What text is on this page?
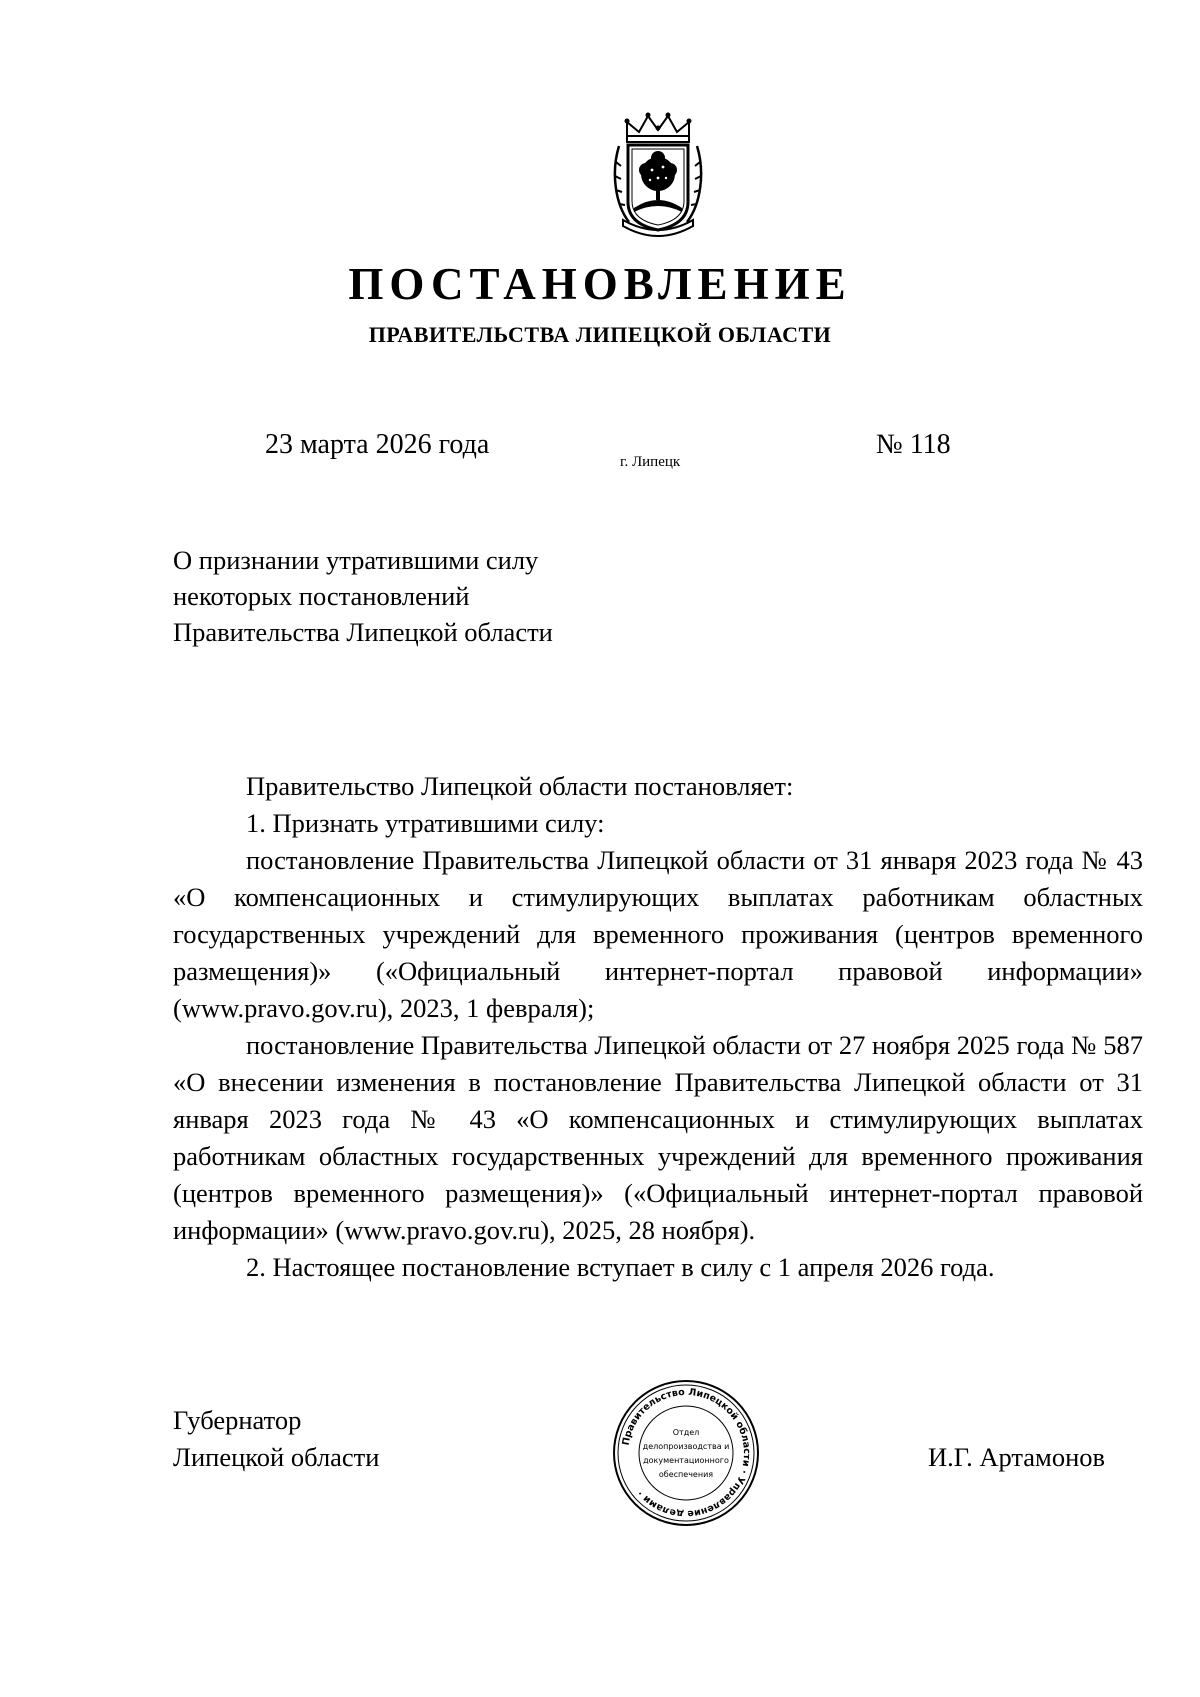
ПОСТАНОВЛЕНИЕ
ПРАВИТЕЛЬСТВА ЛИПЕЦКОЙ ОБЛАСТИ
23 марта 2026 года
г. Липецк
№ 118
О признании утратившими силу
некоторых постановлений
Правительства Липецкой области

Правительство Липецкой области постановляет:

1. Признать утратившими силу:

постановление Правительства Липецкой области от 31 января 2023 года № 43 «О компенсационных и стимулирующих выплатах работникам областных государственных учреждений для временного проживания (центров временного размещения)» («Официальный интернет-портал правовой информации» (www.pravo.gov.ru), 2023, 1 февраля);

постановление Правительства Липецкой области от 27 ноября 2025 года № 587 «О внесении изменения в постановление Правительства Липецкой области от 31 января 2023 года № 43 «О компенсационных и стимулирующих выплатах работникам областных государственных учреждений для временного проживания (центров временного размещения)» («Официальный интернет-портал правовой информации» (www.pravo.gov.ru), 2025, 28 ноября).

2. Настоящее постановление вступает в силу с 1 апреля 2026 года.

Губернатор
Липецкой области	И.Г. Артамонов
Правительство Липецкой области · Управление делами ·
Отдел
делопроизводства и
документационного
обеспечения
